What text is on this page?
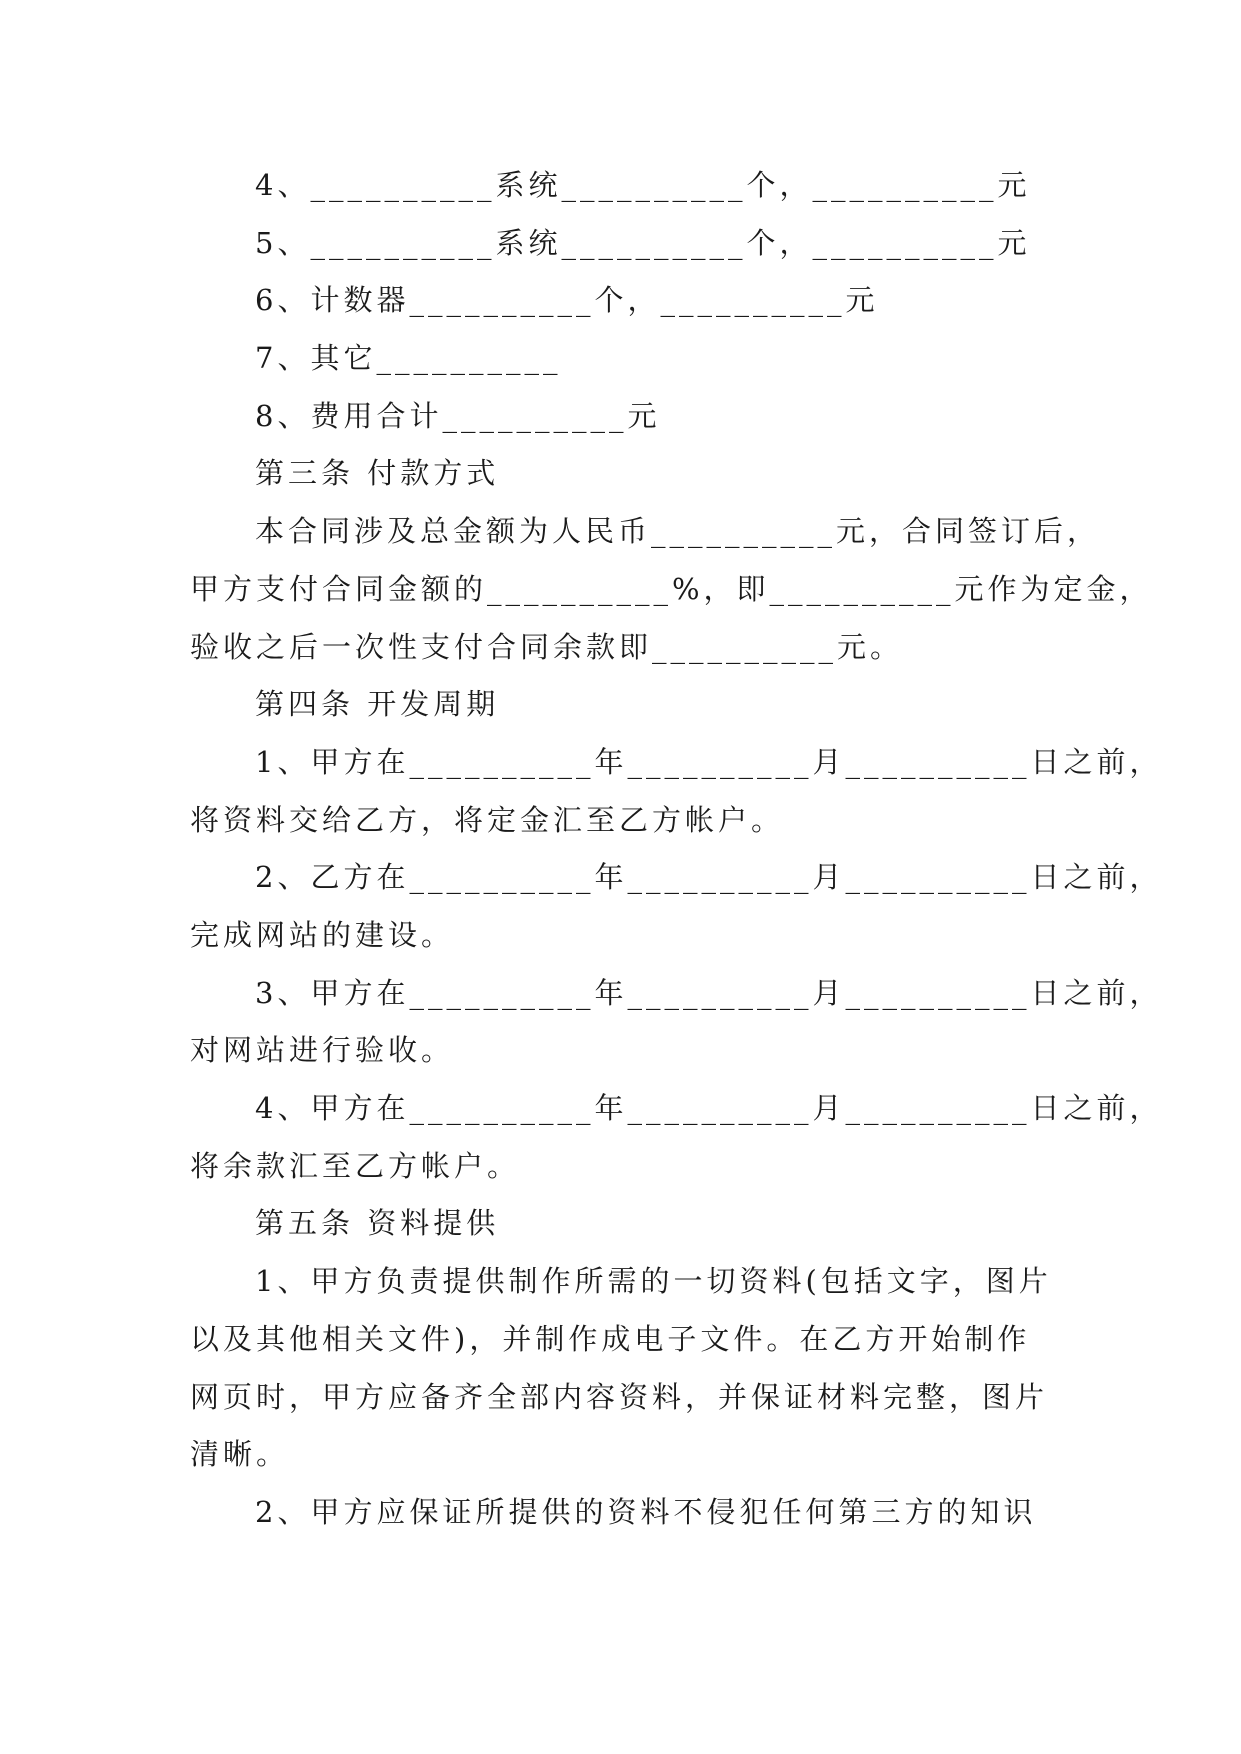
4、__________系统__________个，__________元
5、__________系统__________个，__________元
6、计数器__________个，__________元
7、其它__________
8、费用合计__________元
第三条 付款方式
本合同涉及总金额为人民币__________元，合同签订后，
甲方支付合同金额的__________%，即__________元作为定金，
验收之后一次性支付合同余款即__________元。
第四条 开发周期
1、甲方在__________年__________月__________日之前，
将资料交给乙方，将定金汇至乙方帐户。
2、乙方在__________年__________月__________日之前，
完成网站的建设。
3、甲方在__________年__________月__________日之前，
对网站进行验收。
4、甲方在__________年__________月__________日之前，
将余款汇至乙方帐户。
第五条 资料提供
1、甲方负责提供制作所需的一切资料(包括文字，图片
以及其他相关文件)，并制作成电子文件。在乙方开始制作
网页时，甲方应备齐全部内容资料，并保证材料完整，图片
清晰。
2、甲方应保证所提供的资料不侵犯任何第三方的知识
